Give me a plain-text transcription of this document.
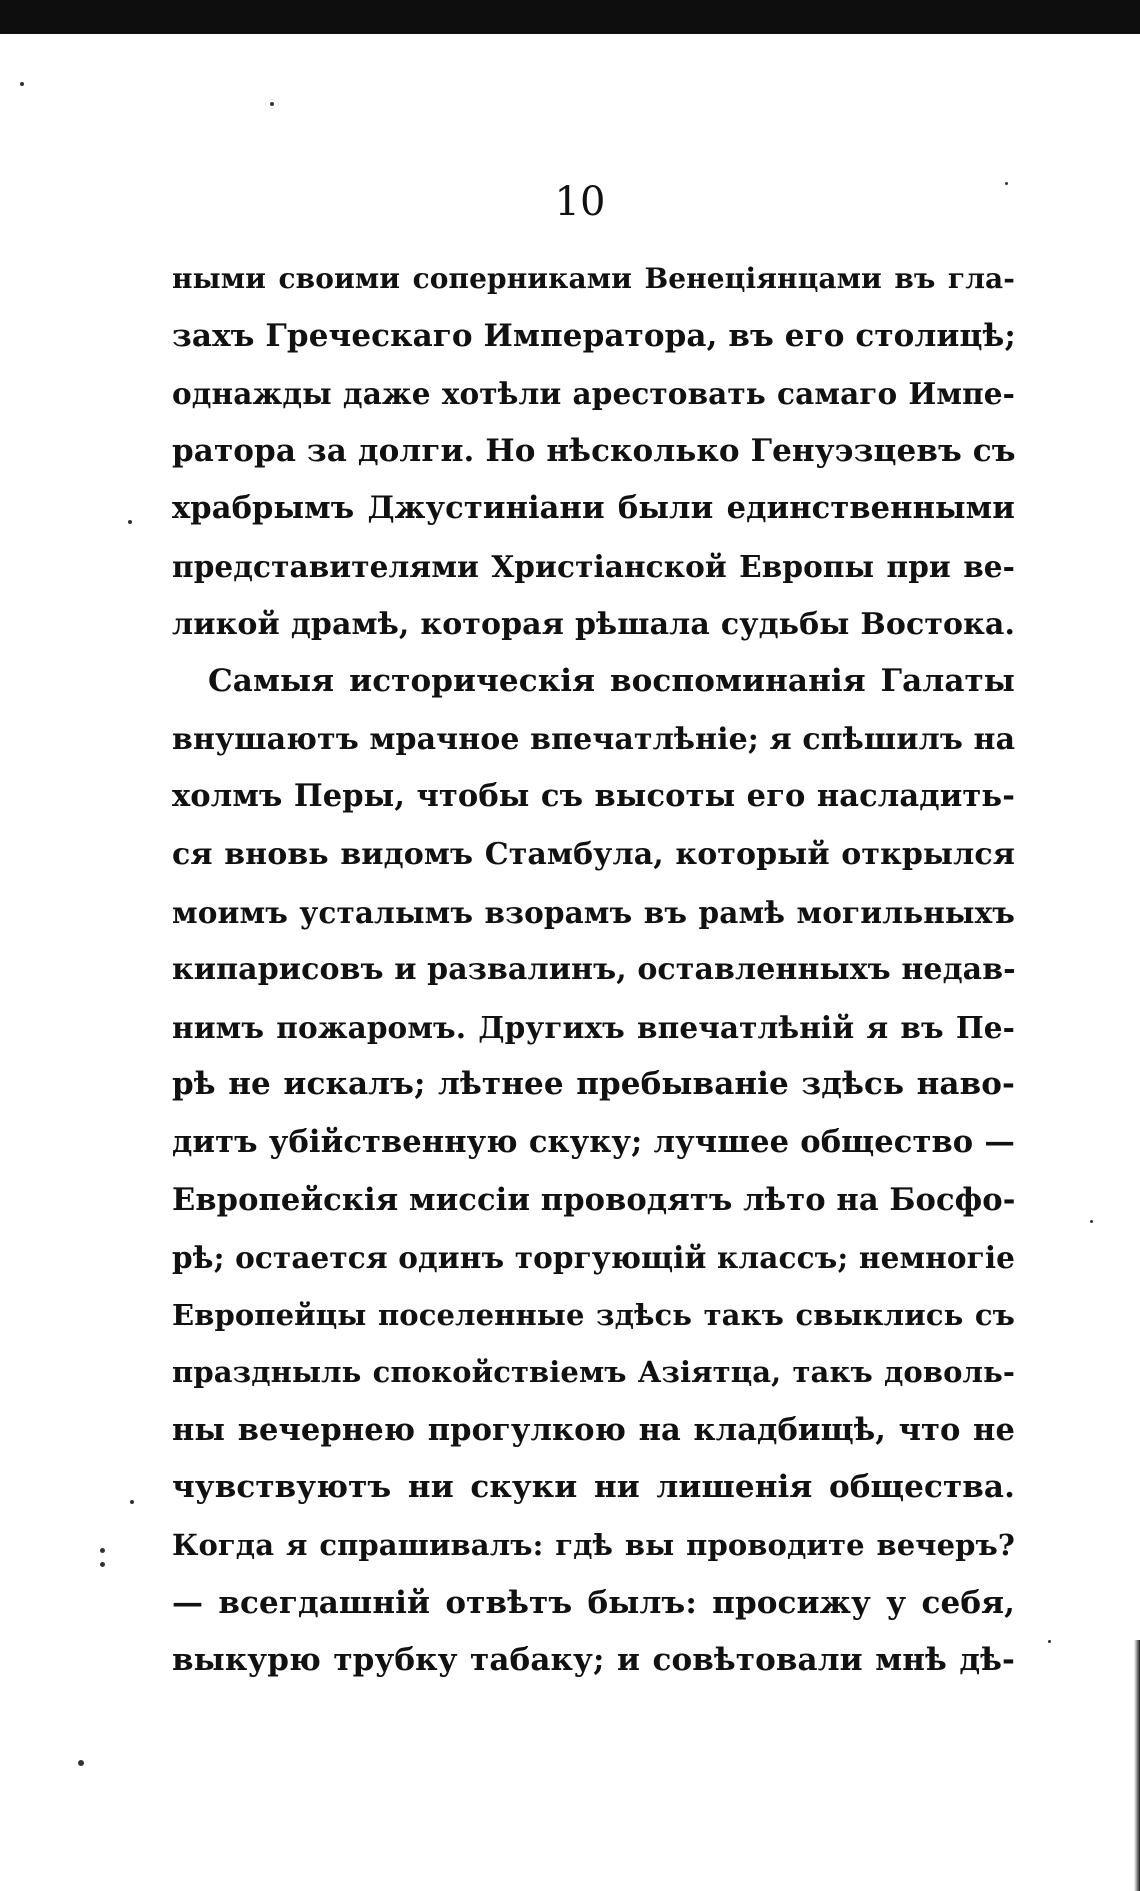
10
ными своими соперниками Венеціянцами въ гла-
захъ Греческаго Императора, въ его столицѣ;
однажды даже хотѣли арестовать самаго Импе-
ратора за долги. Но нѣсколько Генуэзцевъ съ
храбрымъ Джустиніани были единственными
представителями Христіанской Европы при ве-
ликой драмѣ, которая рѣшала судьбы Востока.
Самыя историческія воспоминанія Галаты
внушаютъ мрачное впечатлѣніе; я спѣшилъ на
холмъ Перы, чтобы съ высоты его насладить-
ся вновь видомъ Стамбула, который открылся
моимъ усталымъ взорамъ въ рамѣ могильныхъ
кипарисовъ и развалинъ, оставленныхъ недав-
нимъ пожаромъ. Другихъ впечатлѣній я въ Пе-
рѣ не искалъ; лѣтнее пребываніе здѣсь наво-
дитъ убійственную скуку; лучшее общество —
Европейскія миссіи проводятъ лѣто на Босфо-
рѣ; остается одинъ торгующій классъ; немногіе
Европейцы поселенные здѣсь такъ свыклись съ
праздныль спокойствіемъ Азіятца, такъ доволь-
ны вечернею прогулкою на кладбищѣ, что не
чувствуютъ ни скуки ни лишенія общества.
Когда я спрашивалъ: гдѣ вы проводите вечеръ?
— всегдашній отвѣтъ былъ: просижу у себя,
выкурю трубку табаку; и совѣтовали мнѣ дѣ-
